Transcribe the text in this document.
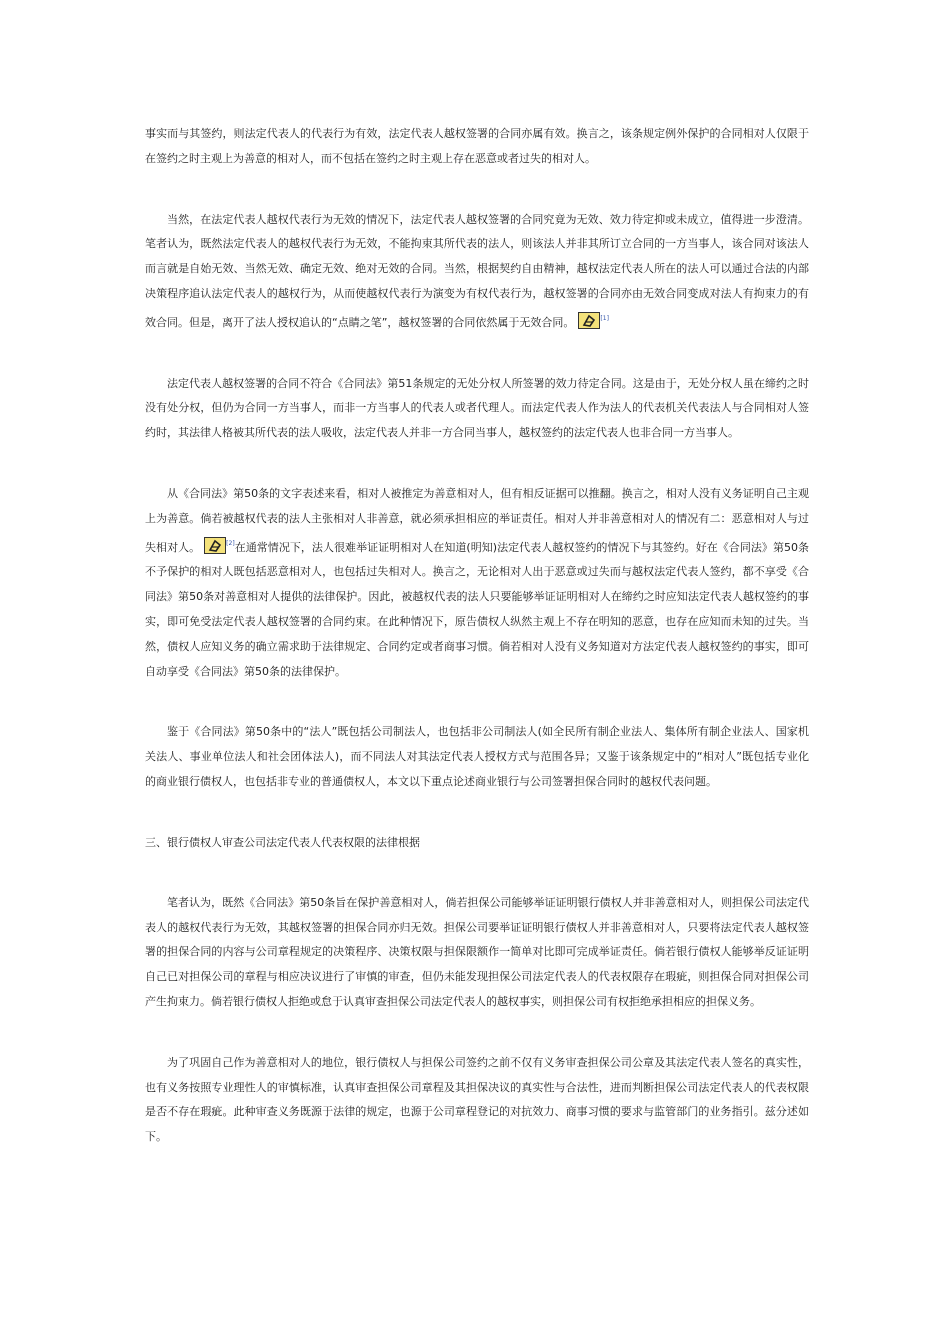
事实而与其签约，则法定代表人的代表行为有效，法定代表人越权签署的合同亦属有效。换言之，该条规定例外保护的合同相对人仅限于在签约之时主观上为善意的相对人，而不包括在签约之时主观上存在恶意或者过失的相对人。

当然，在法定代表人越权代表行为无效的情况下，法定代表人越权签署的合同究竟为无效、效力待定抑或未成立，值得进一步澄清。笔者认为，既然法定代表人的越权代表行为无效，不能拘束其所代表的法人，则该法人并非其所订立合同的一方当事人，该合同对该法人而言就是自始无效、当然无效、确定无效、绝对无效的合同。当然，根据契约自由精神，越权法定代表人所在的法人可以通过合法的内部决策程序追认法定代表人的越权行为，从而使越权代表行为演变为有权代表行为，越权签署的合同亦由无效合同变成对法人有拘束力的有效合同。但是，离开了法人授权追认的“点睛之笔”，越权签署的合同依然属于无效合同。	[1]

法定代表人越权签署的合同不符合《合同法》第51条规定的无处分权人所签署的效力待定合同。这是由于，无处分权人虽在缔约之时没有处分权，但仍为合同一方当事人，而非一方当事人的代表人或者代理人。而法定代表人作为法人的代表机关代表法人与合同相对人签约时，其法律人格被其所代表的法人吸收，法定代表人并非一方合同当事人，越权签约的法定代表人也非合同一方当事人。

从《合同法》第50条的文字表述来看，相对人被推定为善意相对人，但有相反证据可以推翻。换言之，相对人没有义务证明自己主观上为善意。倘若被越权代表的法人主张相对人非善意，就必须承担相应的举证责任。相对人并非善意相对人的情况有二：恶意相对人与过失相对人。	[2]在通常情况下，法人很难举证证明相对人在知道(明知)法定代表人越权签约的情况下与其签约。好在《合同法》第50条不予保护的相对人既包括恶意相对人，也包括过失相对人。换言之，无论相对人出于恶意或过失而与越权法定代表人签约，都不享受《合同法》第50条对善意相对人提供的法律保护。因此，被越权代表的法人只要能够举证证明相对人在缔约之时应知法定代表人越权签约的事实，即可免受法定代表人越权签署的合同约束。在此种情况下，原告债权人纵然主观上不存在明知的恶意，也存在应知而未知的过失。当然，债权人应知义务的确立需求助于法律规定、合同约定或者商事习惯。倘若相对人没有义务知道对方法定代表人越权签约的事实，即可自动享受《合同法》第50条的法律保护。

鉴于《合同法》第50条中的“法人”既包括公司制法人，也包括非公司制法人(如全民所有制企业法人、集体所有制企业法人、国家机关法人、事业单位法人和社会团体法人)，而不同法人对其法定代表人授权方式与范围各异；又鉴于该条规定中的“相对人”既包括专业化的商业银行债权人，也包括非专业的普通债权人，本文以下重点论述商业银行与公司签署担保合同时的越权代表问题。

三、银行债权人审查公司法定代表人代表权限的法律根据

笔者认为，既然《合同法》第50条旨在保护善意相对人，倘若担保公司能够举证证明银行债权人并非善意相对人，则担保公司法定代表人的越权代表行为无效，其越权签署的担保合同亦归无效。担保公司要举证证明银行债权人并非善意相对人，只要将法定代表人越权签署的担保合同的内容与公司章程规定的决策程序、决策权限与担保限额作一简单对比即可完成举证责任。倘若银行债权人能够举反证证明自己已对担保公司的章程与相应决议进行了审慎的审查，但仍未能发现担保公司法定代表人的代表权限存在瑕疵，则担保合同对担保公司产生拘束力。倘若银行债权人拒绝或怠于认真审查担保公司法定代表人的越权事实，则担保公司有权拒绝承担相应的担保义务。

为了巩固自己作为善意相对人的地位，银行债权人与担保公司签约之前不仅有义务审查担保公司公章及其法定代表人签名的真实性，也有义务按照专业理性人的审慎标准，认真审查担保公司章程及其担保决议的真实性与合法性，进而判断担保公司法定代表人的代表权限是否不存在瑕疵。此种审查义务既源于法律的规定，也源于公司章程登记的对抗效力、商事习惯的要求与监管部门的业务指引。兹分述如下。
